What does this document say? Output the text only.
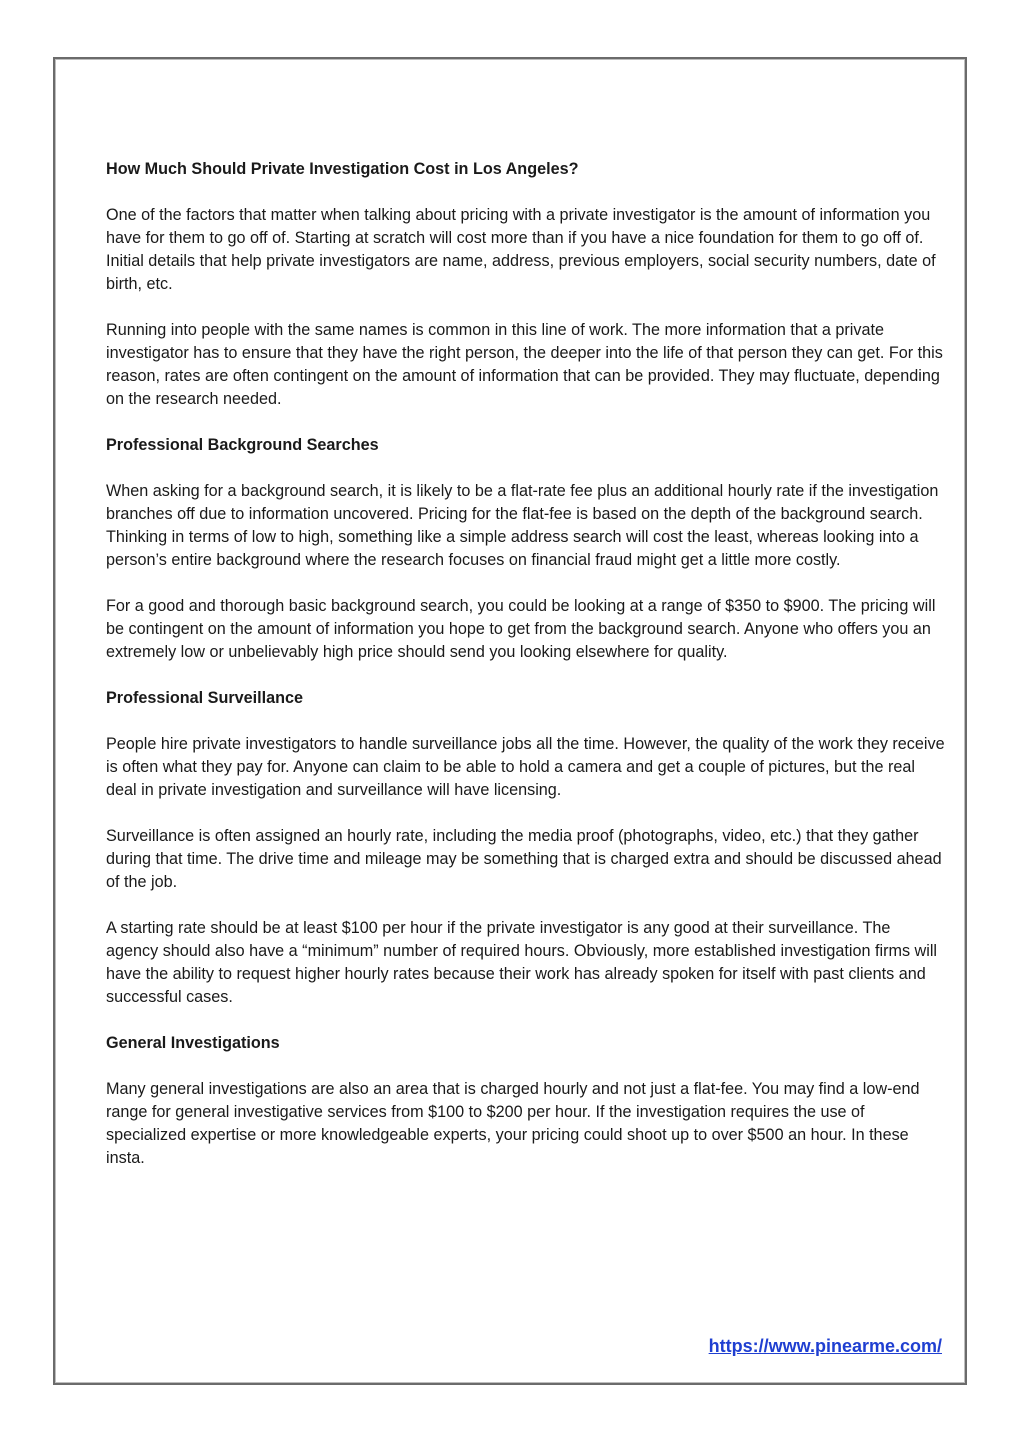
How Much Should Private Investigation Cost in Los Angeles?

One of the factors that matter when talking about pricing with a private investigator is the amount of information you have for them to go off of. Starting at scratch will cost more than if you have a nice foundation for them to go off of. Initial details that help private investigators are name, address, previous employers, social security numbers, date of birth, etc.

Running into people with the same names is common in this line of work. The more information that a private investigator has to ensure that they have the right person, the deeper into the life of that person they can get. For this reason, rates are often contingent on the amount of information that can be provided. They may fluctuate, depending on the research needed.

Professional Background Searches

When asking for a background search, it is likely to be a flat-rate fee plus an additional hourly rate if the investigation branches off due to information uncovered. Pricing for the flat-fee is based on the depth of the background search. Thinking in terms of low to high, something like a simple address search will cost the least, whereas looking into a person’s entire background where the research focuses on financial fraud might get a little more costly.

For a good and thorough basic background search, you could be looking at a range of $350 to $900. The pricing will be contingent on the amount of information you hope to get from the background search. Anyone who offers you an extremely low or unbelievably high price should send you looking elsewhere for quality.

Professional Surveillance

People hire private investigators to handle surveillance jobs all the time. However, the quality of the work they receive is often what they pay for. Anyone can claim to be able to hold a camera and get a couple of pictures, but the real deal in private investigation and surveillance will have licensing.

Surveillance is often assigned an hourly rate, including the media proof (photographs, video, etc.) that they gather during that time. The drive time and mileage may be something that is charged extra and should be discussed ahead of the job.

A starting rate should be at least $100 per hour if the private investigator is any good at their surveillance. The agency should also have a “minimum” number of required hours. Obviously, more established investigation firms will have the ability to request higher hourly rates because their work has already spoken for itself with past clients and successful cases.

General Investigations

Many general investigations are also an area that is charged hourly and not just a flat-fee. You may find a low-end range for general investigative services from $100 to $200 per hour. If the investigation requires the use of specialized expertise or more knowledgeable experts, your pricing could shoot up to over $500 an hour. In these insta.

https://www.pinearme.com/
